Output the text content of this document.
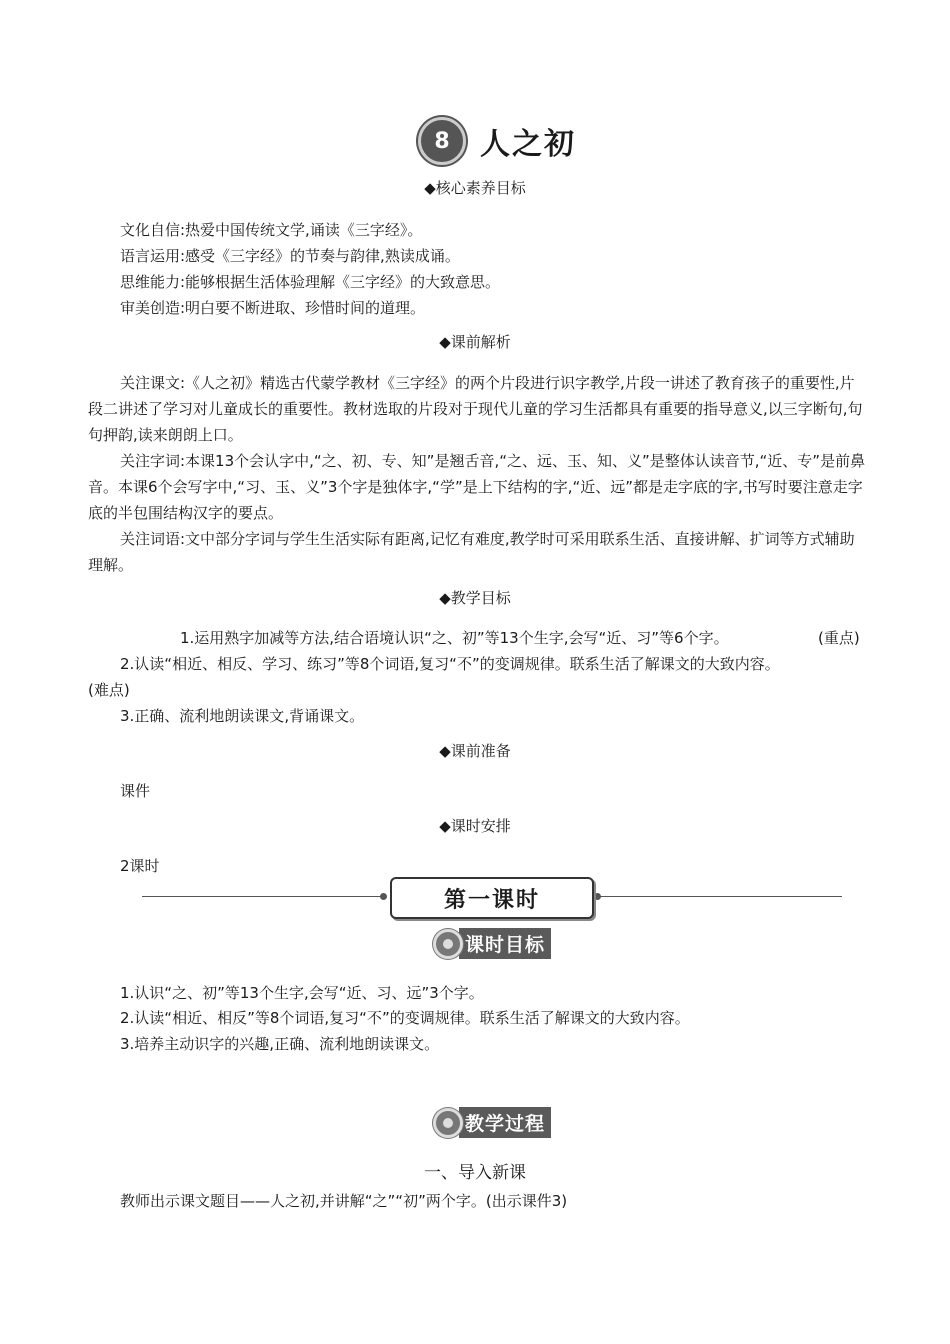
8	人之初
◆核心素养目标
文化自信:热爱中国传统文学,诵读《三字经》。
语言运用:感受《三字经》的节奏与韵律,熟读成诵。
思维能力:能够根据生活体验理解《三字经》的大致意思。
审美创造:明白要不断进取、珍惜时间的道理。
◆课前解析

关注课文:《人之初》精选古代蒙学教材《三字经》的两个片段进行识字教学,片段一讲述了教育孩子的重要性,片段二讲述了学习对儿童成长的重要性。教材选取的片段对于现代儿童的学习生活都具有重要的指导意义,以三字断句,句句押韵,读来朗朗上口。

关注字词:本课13个会认字中,“之、初、专、知”是翘舌音,“之、远、玉、知、义”是整体认读音节,“近、专”是前鼻音。本课6个会写字中,“习、玉、义”3个字是独体字,“学”是上下结构的字,“近、远”都是走字底的字,书写时要注意走字底的半包围结构汉字的要点。

关注词语:文中部分字词与学生生活实际有距离,记忆有难度,教学时可采用联系生活、直接讲解、扩词等方式辅助理解。

◆教学目标
1.运用熟字加减等方法,结合语境认识“之、初”等13个生字,会写“近、习”等6个字。	(重点)
2.认读“相近、相反、学习、练习”等8个词语,复习“不”的变调规律。联系生活了解课文的大致内容。
(难点)
3.正确、流利地朗读课文,背诵课文。
◆课前准备
课件
◆课时安排
2课时
第一课时
课时目标
1.认识“之、初”等13个生字,会写“近、习、远”3个字。
2.认读“相近、相反”等8个词语,复习“不”的变调规律。联系生活了解课文的大致内容。
3.培养主动识字的兴趣,正确、流利地朗读课文。
教学过程
一、导入新课
教师出示课文题目——人之初,并讲解“之”“初”两个字。(出示课件3)
